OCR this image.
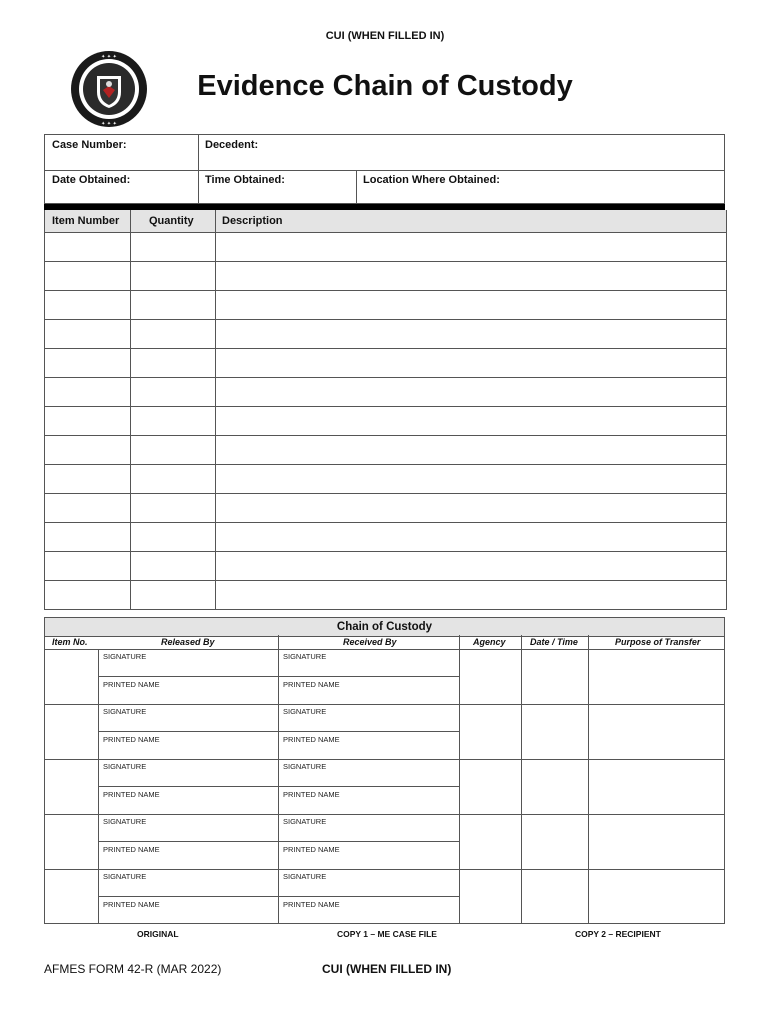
CUI (WHEN FILLED IN)
✦ ✦ ✦
✦ ✦ ✦
Evidence Chain of Custody
Case Number:	Decedent:
Date Obtained:	Time Obtained:	Location Where Obtained:
Item Number	Quantity	Description
Chain of Custody
Item No.	Released By	Received By	Agency	Date / Time	Purpose of Transfer
SIGNATURE	SIGNATURE
PRINTED NAME	PRINTED NAME
SIGNATURE	SIGNATURE
PRINTED NAME	PRINTED NAME
SIGNATURE	SIGNATURE
PRINTED NAME	PRINTED NAME
SIGNATURE	SIGNATURE
PRINTED NAME	PRINTED NAME
SIGNATURE	SIGNATURE
PRINTED NAME	PRINTED NAME
ORIGINAL	COPY 1 – ME CASE FILE	COPY 2 – RECIPIENT
AFMES FORM 42-R (MAR 2022)	CUI (WHEN FILLED IN)
